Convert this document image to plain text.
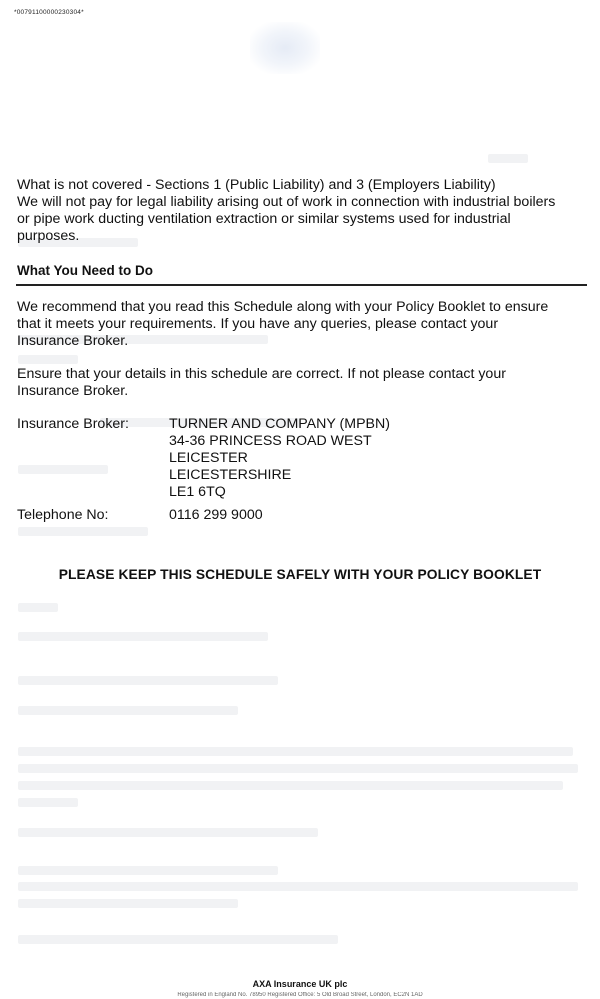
*00791100000230304*
What is not covered - Sections 1 (Public Liability) and 3 (Employers Liability)
We will not pay for legal liability arising out of work in connection with industrial boilers
or pipe work ducting ventilation extraction or similar systems used for industrial
purposes.
What You Need to Do
We recommend that you read this Schedule along with your Policy Booklet to ensure
that it meets your requirements. If you have any queries, please contact your
Insurance Broker.
Ensure that your details in this schedule are correct. If not please contact your
Insurance Broker.
Insurance Broker:	TURNER AND COMPANY (MPBN)
34-36 PRINCESS ROAD WEST
LEICESTER
LEICESTERSHIRE
LE1 6TQ
Telephone No:	0116 299 9000
PLEASE KEEP THIS SCHEDULE SAFELY WITH YOUR POLICY BOOKLET
AXA Insurance UK plc
Registered in England No. 78950 Registered Office: 5 Old Broad Street, London, EC2N 1AD
